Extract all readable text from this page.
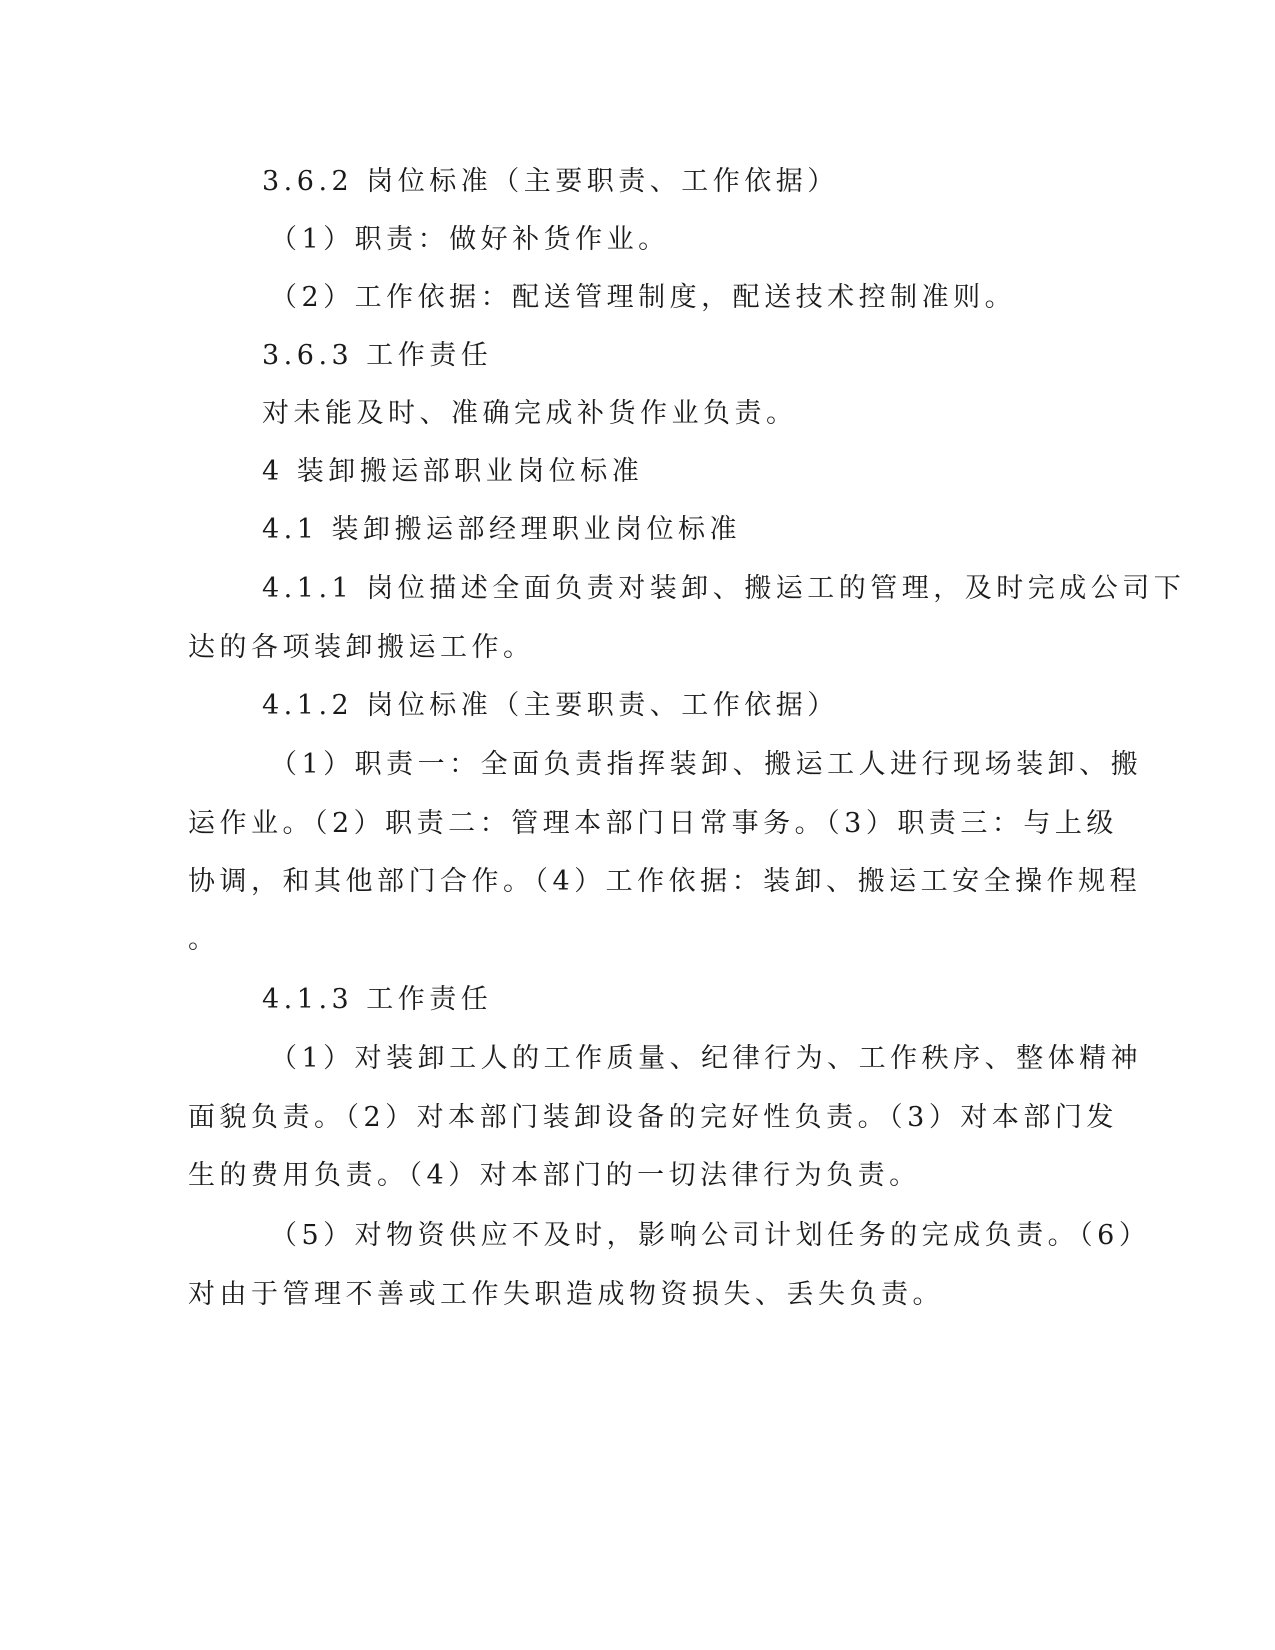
3.6.2 岗位标准（主要职责、工作依据）
（1）职责：做好补货作业。
（2）工作依据：配送管理制度，配送技术控制准则。
3.6.3 工作责任
对未能及时、准确完成补货作业负责。
4 装卸搬运部职业岗位标准
4.1 装卸搬运部经理职业岗位标准
4.1.1 岗位描述全面负责对装卸、搬运工的管理，及时完成公司下
达的各项装卸搬运工作。
4.1.2 岗位标准（主要职责、工作依据）
（1）职责一：全面负责指挥装卸、搬运工人进行现场装卸、搬
运作业。（2）职责二：管理本部门日常事务。（3）职责三：与上级
协调，和其他部门合作。（4）工作依据：装卸、搬运工安全操作规程
。
4.1.3 工作责任
（1）对装卸工人的工作质量、纪律行为、工作秩序、整体精神
面貌负责。（2）对本部门装卸设备的完好性负责。（3）对本部门发
生的费用负责。（4）对本部门的一切法律行为负责。
（5）对物资供应不及时，影响公司计划任务的完成负责。（6）
对由于管理不善或工作失职造成物资损失、丢失负责。
